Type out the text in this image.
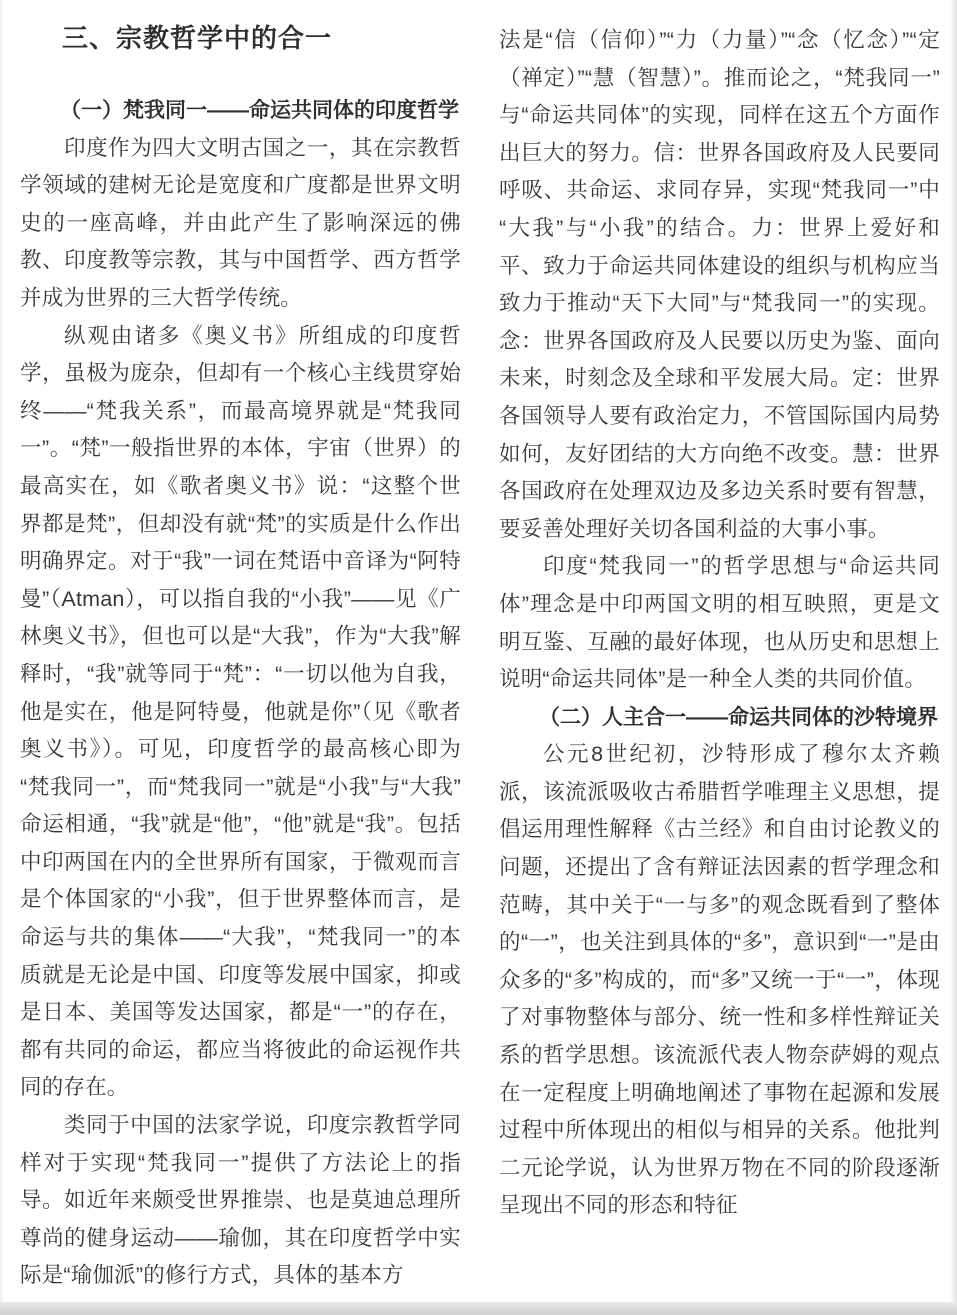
三、宗教哲学中的合一
（一）梵我同一——命运共同体的印度哲学

印度作为四大文明古国之一，其在宗教哲学领域的建树无论是宽度和广度都是世界文明史的一座高峰，并由此产生了影响深远的佛教、印度教等宗教，其与中国哲学、西方哲学并成为世界的三大哲学传统。

纵观由诸多《奥义书》所组成的印度哲学，虽极为庞杂，但却有一个核心主线贯穿始终——“梵我关系”，而最高境界就是“梵我同一”。“梵”一般指世界的本体，宇宙（世界）的最高实在，如《歌者奥义书》说：“这整个世界都是梵”，但却没有就“梵”的实质是什么作出明确界定。对于“我”一词在梵语中音译为“阿特曼”（Atman），可以指自我的“小我”——见《广林奥义书》，但也可以是“大我”，作为“大我”解释时，“我”就等同于“梵”：“一切以他为自我，他是实在，他是阿特曼，他就是你”（见《歌者奥义书》）。可见，印度哲学的最高核心即为“梵我同一”，而“梵我同一”就是“小我”与“大我”命运相通，“我”就是“他”，“他”就是“我”。包括中印两国在内的全世界所有国家，于微观而言是个体国家的“小我”，但于世界整体而言，是命运与共的集体——“大我”，“梵我同一”的本质就是无论是中国、印度等发展中国家，抑或是日本、美国等发达国家，都是“一”的存在，都有共同的命运，都应当将彼此的命运视作共同的存在。

类同于中国的法家学说，印度宗教哲学同样对于实现“梵我同一”提供了方法论上的指导。如近年来颇受世界推崇、也是莫迪总理所尊尚的健身运动——瑜伽，其在印度哲学中实际是“瑜伽派”的修行方式，具体的基本方

法是“信（信仰）”“力（力量）”“念（忆念）”“定（禅定）”“慧（智慧）”。推而论之，“梵我同一”与“命运共同体”的实现，同样在这五个方面作出巨大的努力。信：世界各国政府及人民要同呼吸、共命运、求同存异，实现“梵我同一”中“大我”与“小我”的结合。力：世界上爱好和平、致力于命运共同体建设的组织与机构应当致力于推动“天下大同”与“梵我同一”的实现。念：世界各国政府及人民要以历史为鉴、面向未来，时刻念及全球和平发展大局。定：世界各国领导人要有政治定力，不管国际国内局势如何，友好团结的大方向绝不改变。慧：世界各国政府在处理双边及多边关系时要有智慧，要妥善处理好关切各国利益的大事小事。

印度“梵我同一”的哲学思想与“命运共同体”理念是中印两国文明的相互映照，更是文明互鉴、互融的最好体现，也从历史和思想上说明“命运共同体”是一种全人类的共同价值。

（二）人主合一——命运共同体的沙特境界

公元8世纪初，沙特形成了穆尔太齐赖派，该流派吸收古希腊哲学唯理主义思想，提倡运用理性解释《古兰经》和自由讨论教义的问题，还提出了含有辩证法因素的哲学理念和范畴，其中关于“一与多”的观念既看到了整体的“一”，也关注到具体的“多”，意识到“一”是由众多的“多”构成的，而“多”又统一于“一”，体现了对事物整体与部分、统一性和多样性辩证关系的哲学思想。该流派代表人物奈萨姆的观点在一定程度上明确地阐述了事物在起源和发展过程中所体现出的相似与相异的关系。他批判二元论学说，认为世界万物在不同的阶段逐渐呈现出不同的形态和特征
